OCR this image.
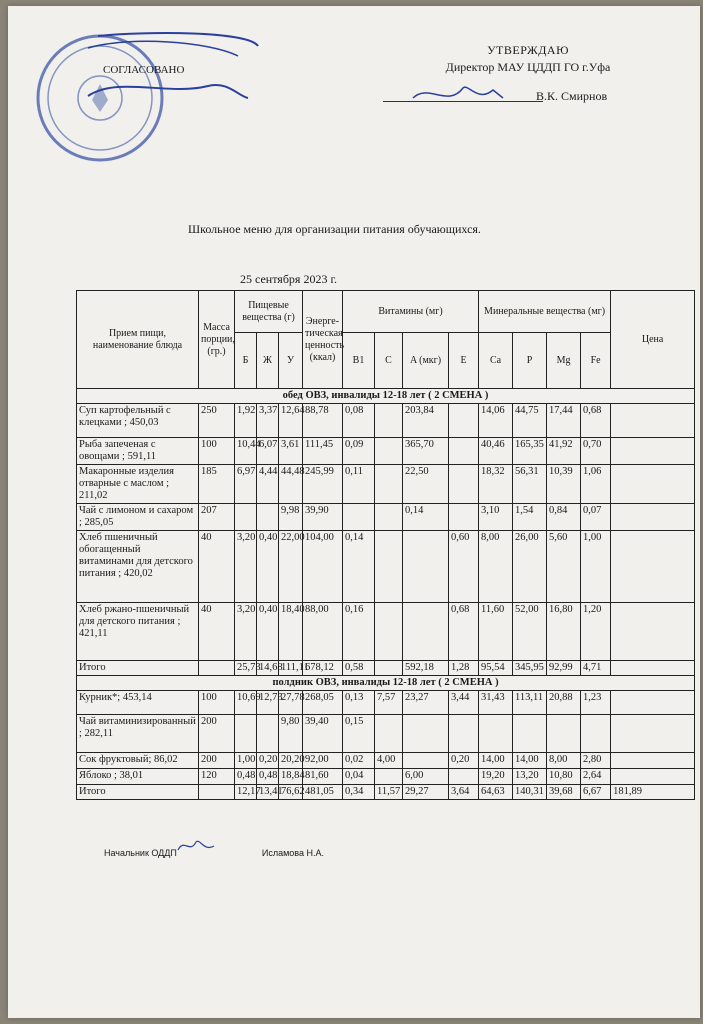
СОГЛАСОВАНО
УТВЕРЖДАЮ
Директор МАУ ЦДДП ГО г.Уфа
В.К. Смирнов
Школьное меню для организации питания обучающихся.
25 сентября 2023 г.
Прием пищи, наименование блюда	Масса порции, (гр.)	Пищевые вещества (г)			Энерге-тическая ценность (ккал)	Витамины (мг)				Минеральные вещества (мг)				Цена
		Б	Ж	У		B1	C	A (мкг)	E	Ca	P	Mg	Fe	
обед ОВЗ, инвалиды 12-18 лет ( 2 СМЕНА )														
Суп картофельный с клецками ; 450,03	250	1,92	3,37	12,64	88,78	0,08		203,84		14,06	44,75	17,44	0,68	
Рыба запеченая с овощами ; 591,11	100	10,44	6,07	3,61	111,45	0,09		365,70		40,46	165,35	41,92	0,70	
Макаронные изделия отварные с маслом ; 211,02	185	6,97	4,44	44,48	245,99	0,11		22,50		18,32	56,31	10,39	1,06	
Чай с лимоном и сахаром ; 285,05	207			9,98	39,90			0,14		3,10	1,54	0,84	0,07	
Хлеб пшеничный обогащенный витаминами для детского питания ; 420,02	40	3,20	0,40	22,00	104,00	0,14			0,60	8,00	26,00	5,60	1,00	
Хлеб ржано-пшеничный для детского питания ; 421,11	40	3,20	0,40	18,40	88,00	0,16			0,68	11,60	52,00	16,80	1,20	
Итого		25,73	14,68	111,11	678,12	0,58		592,18	1,28	95,54	345,95	92,99	4,71	
полдник ОВЗ, инвалиды 12-18 лет ( 2 СМЕНА )														
Курник*; 453,14	100	10,69	12,73	27,78	268,05	0,13	7,57	23,27	3,44	31,43	113,11	20,88	1,23	
Чай витаминизированный ; 282,11	200			9,80	39,40	0,15								
Сок фруктовый; 86,02	200	1,00	0,20	20,20	92,00	0,02	4,00		0,20	14,00	14,00	8,00	2,80	
Яблоко ; 38,01	120	0,48	0,48	18,84	81,60	0,04		6,00		19,20	13,20	10,80	2,64	
Итого		12,17	13,41	76,62	481,05	0,34	11,57	29,27	3,64	64,63	140,31	39,68	6,67	181,89
Начальник ОДДП	Исламова Н.А.
